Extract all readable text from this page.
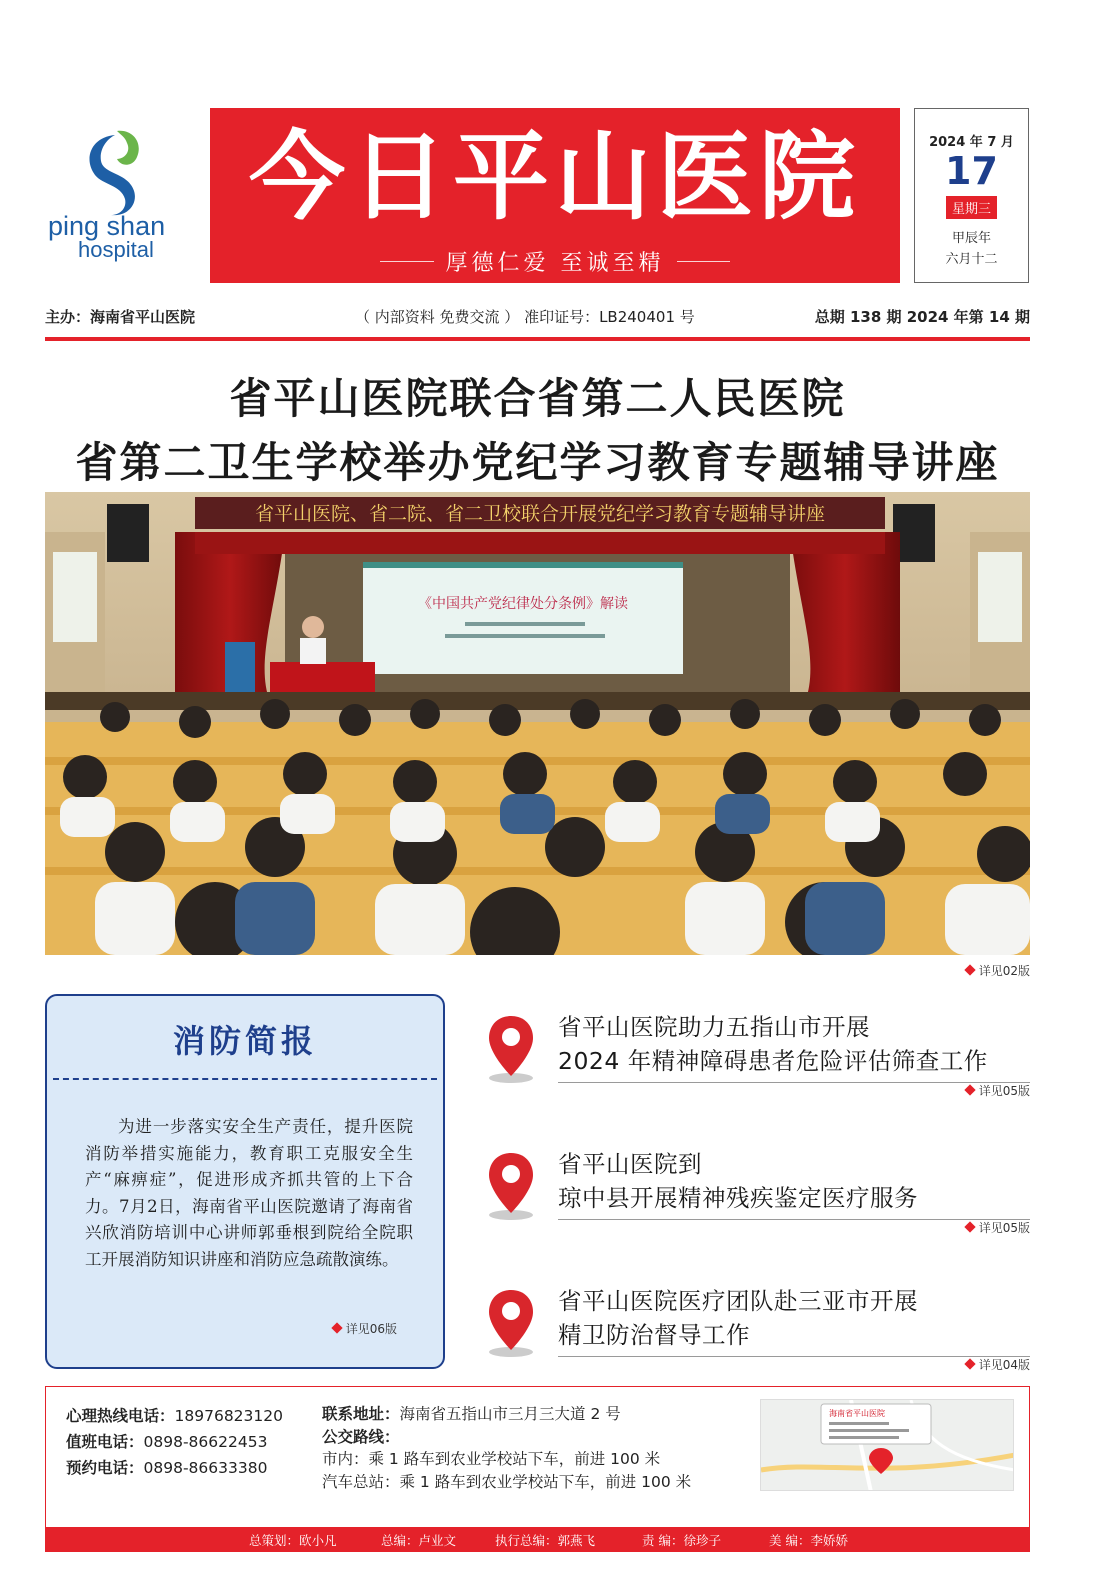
ping shan
hospital
今日平山医院
厚德仁爱 至诚至精
2024 年 7 月
17
星期三
甲辰年
六月十二
主办：海南省平山医院	（ 内部资料 免费交流 ） 准印证号：LB240401 号	总期 138 期 2024 年第 14 期
省平山医院联合省第二人民医院
省第二卫生学校举办党纪学习教育专题辅导讲座
省平山医院、省二院、省二卫校联合开展党纪学习教育专题辅导讲座
《中国共产党纪律处分条例》解读
详见02版
消防简报
为进一步落实安全生产责任，提升医院消防举措实施能力，教育职工克服安全生产“麻痹症”，促进形成齐抓共管的上下合力。7月2日，海南省平山医院邀请了海南省兴欣消防培训中心讲师郭垂根到院给全院职工开展消防知识讲座和消防应急疏散演练。
详见06版
省平山医院助力五指山市开展
2024 年精神障碍患者危险评估筛查工作
详见05版
省平山医院到
琼中县开展精神残疾鉴定医疗服务
详见05版
省平山医院医疗团队赴三亚市开展
精卫防治督导工作
详见04版
心理热线电话：18976823120
值班电话：0898-86622453
预约电话：0898-86633380
联系地址：海南省五指山市三月三大道 2 号
公交路线：
市内：乘 1 路车到农业学校站下车，前进 100 米
汽车总站：乘 1 路车到农业学校站下车，前进 100 米
海南省平山医院
总策划：欧小凡	总编：卢业文	执行总编：郭燕飞	责 编：徐珍子	美 编：李娇娇
